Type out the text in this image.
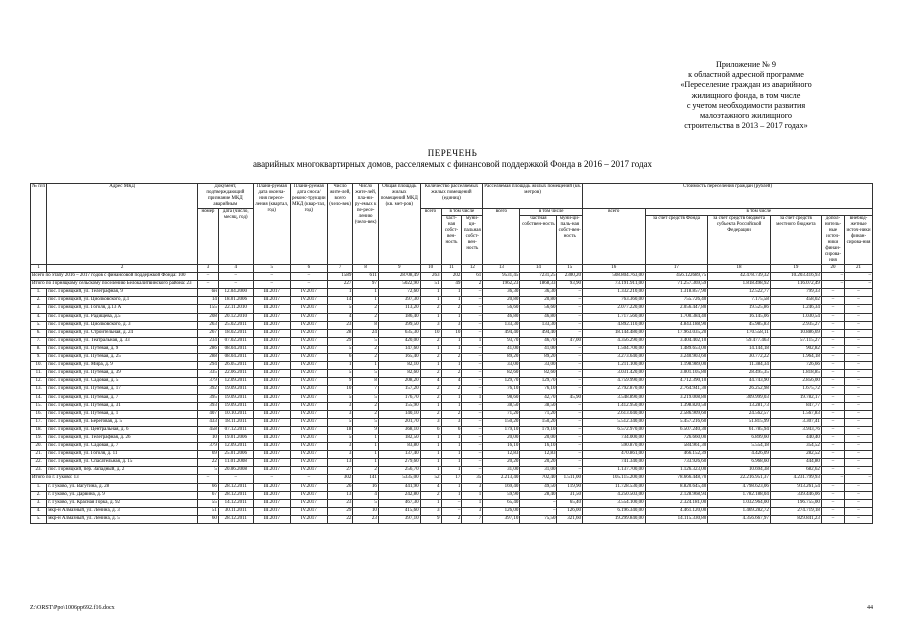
Приложение № 9
к областной адресной программе
«Переселение граждан из аварийного
жилищного фонда, в том числе
с учетом необходимости развития
малоэтажного жилищного
строительства в 2013 – 2017 годах»
ПЕРЕЧЕНЬ
аварийных многоквартирных домов, расселяемых с финансовой поддержкой Фонда в 2016 – 2017 годах
№ п/п	Адрес МКД	Документ, подтверждающий признание МКД аварийным		Плани-руемая дата оконча-ния пересе-ления (квартал, год)	Плани-руемая дата сноса/ реконс-трукции МКД (квар-тал, год)	Число жите-лей, всего (чело-век)	Число жите-лей, пла-ни-ру-емых к пе-ресе-лению (чело-век)	Общая площадь жилых помещений МКД (кв. мет-ров)	Количество расселяемых жилых помещений (единиц)			Расселяемая площадь жилых помещений (кв. метров)			Стоимость переселения граждан (рублей)					
		номер	дата (число, месяц, год)						всего	в том числе		всего	в том числе		всего	в том числе				
										част-ная собст-вен-ность	муни-ци-пальная собст-вен-ность		частная собствен-ность	муни-ци-паль-ная собст-вен-ность		за счет средств Фонда	за счет средств бюджета субъекта Российской Федерации	за счет средств местного бюджета	допол-нитель-ные источ-ники финан-сирова-ния	внебюд-жетные источ-ники финан-сирова-ния
1	2	3	4	5	6	7	8	9	10	11	12	13	14	15	16	17	18	19	20	21
Всего по этапу 2016 – 2017 годов с финансовой поддержкой Фонда: 100		–	–	–	–	1589	611	28708,49	263	202	61	9531,45	7231,25	2300,20	508.804.763,00	456.122689,75	42.478.739,32	10.203.416,93	–	–
Итого по Горняцкому сельскому поселению Белокалитвинского района: 23		–	–	–	–	227	97	5022,90	51	49	2	1962,23	1868,33	93,90	73.191.911,00	71.257.369,59	1.818.498,92	116.072,49	–	–
1.	пос. Горняцкий, ул. Телеграфная, 9	бн	12.04.2000	III.2017	IV.2017	1	1	72,60	1	1	–	36,30	36,30	–	1.332.210,00	1.318.857,90	12.522,77	799,33	–	–
2.	пос. Горняцкий, ул. Циолковского, д.1	14	18.01.2006	III.2017	IV.2017	14	1	397,30	1	1	–	20,80	20,80	–	763.360,00	755.726,40	7.175,58	458,02	–	–
3.	пос. Горняцкий, ул. Гоголя, д.13 А	155	22.11.2010	III.2017	IV.2017	5	2	113,20	2	2	–	56,60	56,60	–	2.077.220,00	2.056.447,80	19.525,86	1.246,34	–	–
4.	пос. Горняцкий, ул. Радищева, д.5	208	20.12.2010	III.2017	IV.2017	4	2	186,40	1	1	–	46,80	46,80	–	1.717.560,00	1.700.384,40	16.145,06	1.030,54	–	–
5.	пос. Горняцкий, ул. Циолковского, д. 3	263	25.02.2011	III.2017	IV.2017	23	8	399,50	3	3	–	133,30	133,30	–	4.892.110,00	4.843.188,90	45.985,83	2.935,27	–	–
6.	пос. Горняцкий, ул. Строительная, д. 24	267	18.02.2011	III.2017	IV.2017	28	24	635,30	10	10	–	494,40	494,40	–	18.144.480,00	17.963.035,20	170.558,11	10.886,69	–	–
7.	пос. Горняцкий, ул. Театральная, д. 33	234	07.02.2011	III.2017	IV.2017	29	5	420,00	2	1	1	93,70	46,70	47,00	4.356.290,00	3.404.402,10	59.477.463	57.115,27	–	–
8.	пос. Горняцкий, ул. Путевая, д. 9	286	08.04.2011	III.2017	IV.2017	5	2	147,60	1	1	–	41,00	41,00	–	1.504.700,00	1.489.653,00	14.144,18	902,82	–	–
9.	пос. Горняцкий, ул. Путевая, д. 25	288	08.04.2011	III.2017	IV.2017	6	2	165,40	2	2	–	89,20	89,20	–	3.273.640,00	3.240.903,60	30.772,22	1.964,18	–	–
10.	пос. Горняцкий, ул. Мира, д. 9	294	26.05.2011	III.2017	IV.2017	1	1	82,10	1	1	–	33,00	33,00	–	1.211.100,00	1.198.989,00	11.384,34	726,66	–	–
11.	пос. Горняцкий, ул. Путевая, д. 39	335	22.06.2011	III.2017	IV.2017	5	5	82,60	2	2	–	82,60	82,60	–	3.031.420,00	3.001.105,80	28.495,35	1.818,85	–	–
12.	пос. Горняцкий, ул. Садовая, д. 5	379	12.09.2011	III.2017	IV.2017	9	8	208,20	4	4	–	129,70	129,70	–	4.759.990,00	4.712.390,10	44.743,90	2.856,00	–	–
13.	пос. Горняцкий, ул. Путевая, д. 17	392	19.09.2011	III.2017	IV.2017	10	7	157,20	2	2	–	76,10	76,10	–	2.792.870,00	2.764.941,30	26.252,98	1.675,72	–	–
14.	пос. Горняцкий, ул. Путевая, д. 7	395	19.09.2011	III.2017	IV.2017	5	5	176,70	2	1	1	98,60	42,70	45,90	3.548.890,00	3.219.008,80	309.999,03	19.782,17	–	–
15.	пос. Горняцкий, ул. Путевая, д. 31	393	19.09.2011	III.2017	IV.2017	3	2	155,90	1	1	–	38,50	38,50	–	1.412.950,00	1.398.820,50	13.281,73	847,77	–	–
16.	пос. Горняцкий, ул. Путевая, д. 1	407	10.10.2011	III.2017	IV.2017	3	2	140,10	2	2	–	71,20	71,20	–	2.613.040,00	2.586.909,60	24.562,57	1.567,83	–	–
17.	пос. Горняцкий, ул. Береговая, д. 5	433	18.11.2011	III.2017	IV.2017	5	5	201,70	3	3	–	150,20	150,20	–	5.512.340,00	5.457.216,60	51.815,99	3.307,41	–	–
18.	пос. Горняцкий, ул. Центральная, д. 6	458	07.12.2011	III.2017	IV.2017	18	9	368,10	6	6	–	179,10	179,10	–	6.572.970,00	6.507.240,30	61.785,94	3.943,76	–	–
19.	пос. Горняцкий, ул. Телеграфная, д. 26	10	19.01.2006	III.2017	IV.2017	5	1	182,50	1	1	–	20,00	20,00	–	734.000,00	726.660,00	6.899,60	440,40	–	–
20.	пос. Горняцкий, ул. Садовая, д. 7	379	12.09.2011	III.2017	IV.2017	3	1	83,80	1	1	–	16,10	16,10	–	590.870,00	584.961,30	5.554,18	354,52	–	–
21.	пос. Горняцкий, ул. Гоголя, д. 11	69	25.01.2006	III.2017	IV.2017	3	1	137,40	1	1	–	12,83	12,83	–	470.861,00	466.152,39	4.426,09	282,52	–	–
22.	пос. Горняцкий, ул. Спасательная, д. 15	22	11.01.2008	III.2017	IV.2017	13	1	279,60	1	1	–	20,20	20,20	–	741.340,00	733.926,60	6.968,60	444,80	–	–
23.	пос. Горняцкий, пер. Западный, д. 2	5	20.06.2008	III.2017	IV.2017	27	2	256,70	1	1	–	31,00	31,00	–	1.137.700,00	1.126.323,00	10.694,38	682,62	–	–
Итого по г. Гуково: 13		–	–	–	–	302	141	5335,00	52	17	35	2.213,40	702,40	1.511,00	105.115.200,00	78.666.448,70	22.216.951,37	4.231.799,93	–	–
1.	г. Гуково, ул. Вагутина, д. 28	66	28.12.2011	III.2017	IV.2017	26	16	441,90	4	1	3	169,40	49,50	119,90	11.728.530,00	8.820.645,40	4.798.623,06	913.261,54	–	–
2.	г. Гуково, ул. Дарвина, д. 9	67	28.12.2011	III.2017	IV.2017	13	4	242,80	2	1	1	59,90	28,40	31,50	4.250.503,00	2.128.968,94	1.782.188,04	339.446,06	–	–
3.	г. Гуково, ул. Красная Горка, д. 92	55	14.12.2011	III.2017	IV.2017	23	5	467,30	1	–	1	65,40	–	65,40	3.554.100,00	2.324.181,00	1.032.964,00	196.755,00	–	–
4.	мкр-н Алмазный, ул. Ленина, д. 3	51	30.11.2011	III.2017	IV.2017	29	10	415,60	3	–	3	126,00	–	126,00	6.196.340,00	4.461.120,00	1.469.282,72	274.719,18	–	–
5.	мкр-н Алмазный, ул. Ленина, д. 5	60	28.12.2011	III.2017	IV.2017	22	23	397,10	9	2	7	397,10	75,50	321,60	19.299.840,00	14.115.330,80	4.356.667,97	829.841,23	–	–
Z:\ORST\Ppo\1006pp692.f16.docx	44
